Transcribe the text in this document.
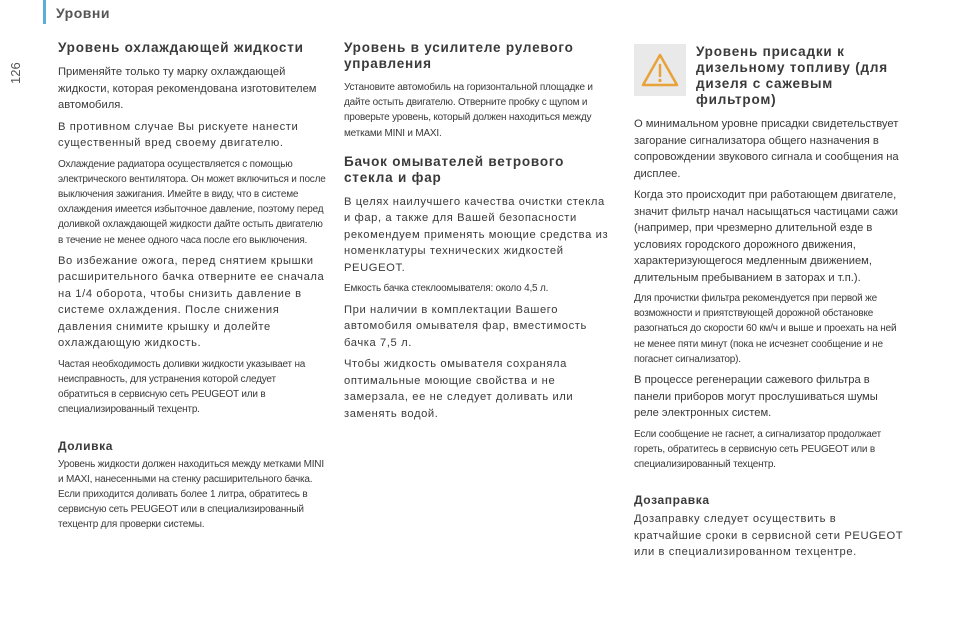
Уровни
126
Уровень охлаждающей жидкости

Применяйте только ту марку охлаждающей жидкости, которая рекомендована изготовителем автомобиля.

В противном случае Вы рискуете нанести существенный вред своему двигателю.

Охлаждение радиатора осуществляется с помощью электрического вентилятора. Он может включиться и после выключения зажигания. Имейте в виду, что в системе охлаждения имеется избыточное давление, поэтому перед доливкой охлаждающей жидкости дайте остыть двигателю в течение не менее одного часа после его выключения.

Во избежание ожога, перед снятием крышки расширительного бачка отверните ее сначала на 1/4 оборота, чтобы снизить давление в системе охлаждения. После снижения давления снимите крышку и долейте охлаждающую жидкость.

Частая необходимость доливки жидкости указывает на неисправность, для устранения которой следует обратиться в сервисную сеть PEUGEOT или в специализированный техцентр.

Доливка

Уровень жидкости должен находиться между метками MINI и MAXI, нанесенными на стенку расширительного бачка. Если приходится доливать более 1 литра, обратитесь в сервисную сеть PEUGEOT или в специализированный техцентр для проверки системы.

Уровень в усилителе рулевого управления

Установите автомобиль на горизонтальной площадке и дайте остыть двигателю. Отверните пробку с щупом и проверьте уровень, который должен находиться между метками MINI и MAXI.

Бачок омывателей ветрового стекла и фар

В целях наилучшего качества очистки стекла и фар, а также для Вашей безопасности рекомендуем применять моющие средства из номенклатуры технических жидкостей PEUGEOT.

Емкость бачка стеклоомывателя: около 4,5 л.

При наличии в комплектации Вашего автомобиля омывателя фар, вместимость бачка 7,5 л.

Чтобы жидкость омывателя сохраняла оптимальные моющие свойства и не замерзала, ее не следует доливать или заменять водой.

Уровень присадки к дизельному топливу (для дизеля с сажевым фильтром)

О минимальном уровне присадки свидетельствует загорание сигнализатора общего назначения в сопровождении звукового сигнала и сообщения на дисплее.

Когда это происходит при работающем двигателе, значит фильтр начал насыщаться частицами сажи (например, при чрезмерно длительной езде в условиях городского дорожного движения, характеризующегося медленным движением, длительным пребыванием в заторах и т.п.).

Для прочистки фильтра рекомендуется при первой же возможности и приятствующей дорожной обстановке разогнаться до скорости 60 км/ч и выше и проехать на ней не менее пяти минут (пока не исчезнет сообщение и не погаснет сигнализатор).

В процессе регенерации сажевого фильтра в панели приборов могут прослушиваться шумы реле электронных систем.

Если сообщение не гаснет, а сигнализатор продолжает гореть, обратитесь в сервисную сеть PEUGEOT или в специализированный техцентр.

Дозаправка

Дозаправку следует осуществить в кратчайшие сроки в сервисной сети PEUGEOT или в специализированном техцентре.
